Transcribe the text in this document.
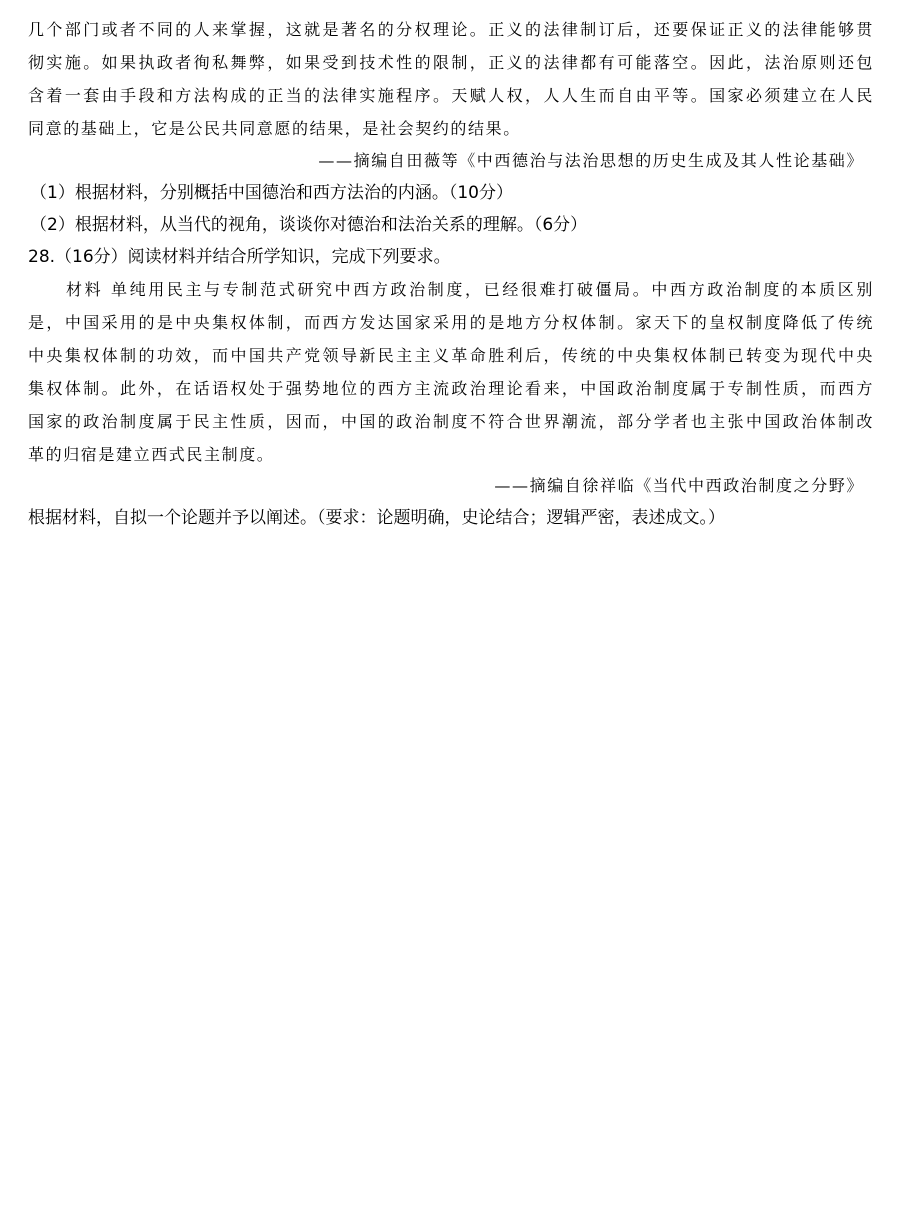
几个部门或者不同的人来掌握，这就是著名的分权理论。正义的法律制订后，还要保证正义的法律能够贯
彻实施。如果执政者徇私舞弊，如果受到技术性的限制，正义的法律都有可能落空。因此，法治原则还包
含着一套由手段和方法构成的正当的法律实施程序。天赋人权，人人生而自由平等。国家必须建立在人民
同意的基础上，它是公民共同意愿的结果，是社会契约的结果。
——摘编自田薇等《中西德治与法治思想的历史生成及其人性论基础》
（1）根据材料，分别概括中国德治和西方法治的内涵。（10分）
（2）根据材料，从当代的视角，谈谈你对德治和法治关系的理解。（6分）
28.（16分）阅读材料并结合所学知识，完成下列要求。
材料 单纯用民主与专制范式研究中西方政治制度，已经很难打破僵局。中西方政治制度的本质区别
是，中国采用的是中央集权体制，而西方发达国家采用的是地方分权体制。家天下的皇权制度降低了传统
中央集权体制的功效，而中国共产党领导新民主主义革命胜利后，传统的中央集权体制已转变为现代中央
集权体制。此外，在话语权处于强势地位的西方主流政治理论看来，中国政治制度属于专制性质，而西方
国家的政治制度属于民主性质，因而，中国的政治制度不符合世界潮流，部分学者也主张中国政治体制改
革的归宿是建立西式民主制度。
——摘编自徐祥临《当代中西政治制度之分野》
根据材料，自拟一个论题并予以阐述。（要求：论题明确，史论结合；逻辑严密，表述成文。）
